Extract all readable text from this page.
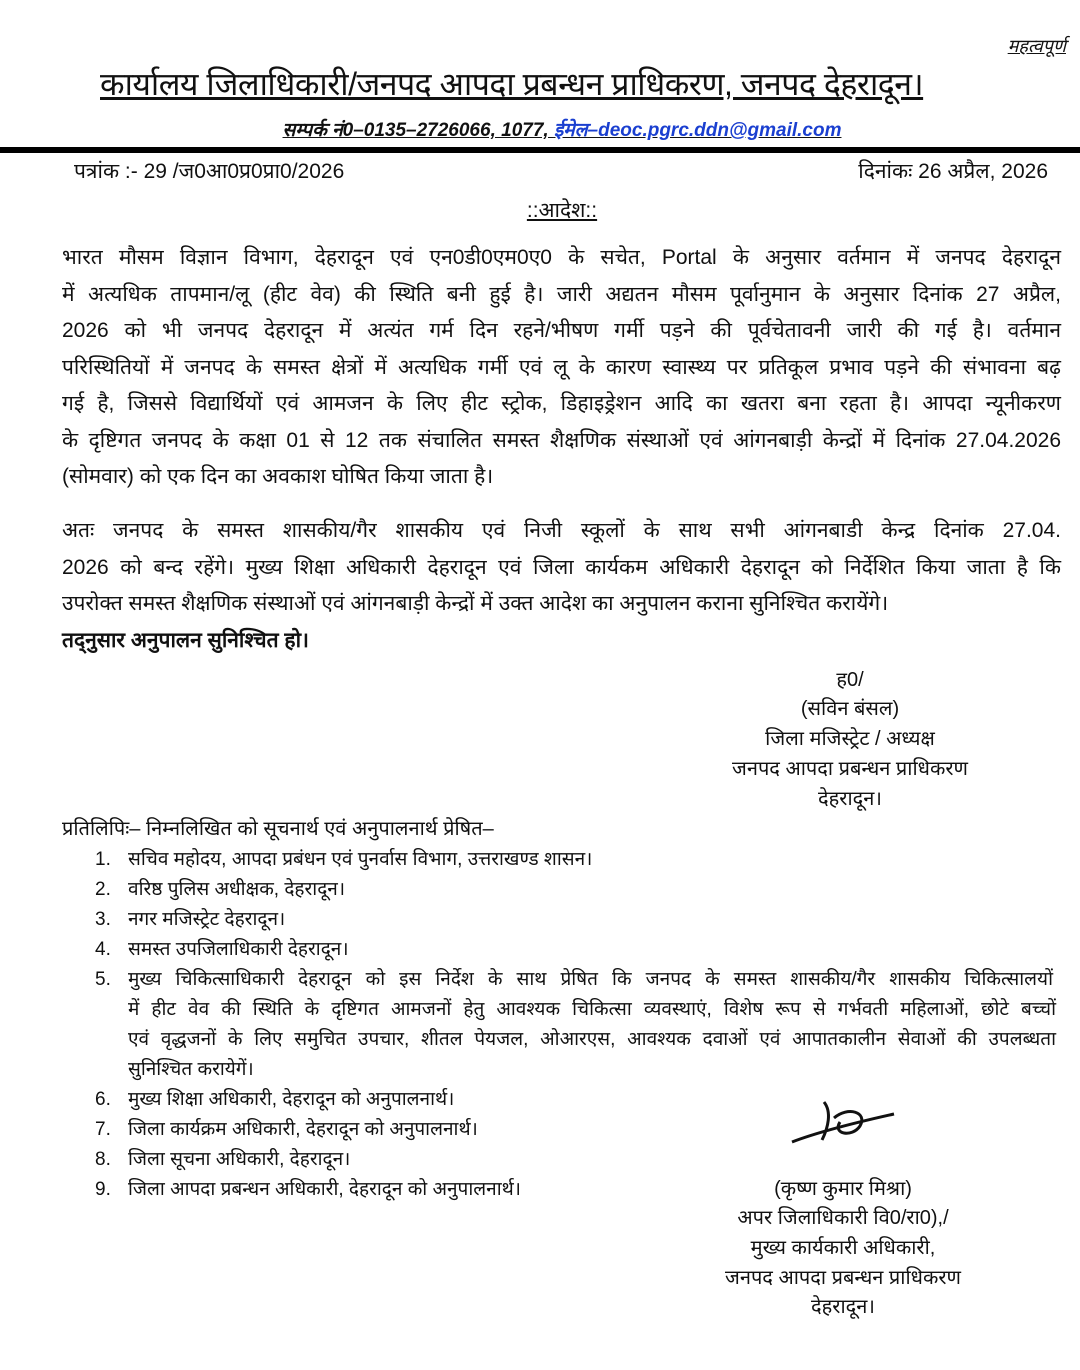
महत्वपूर्ण
कार्यालय जिलाधिकारी/जनपद आपदा प्रबन्धन प्राधिकरण, जनपद देहरादून।
सम्पर्क नं0–0135–2726066, 1077, ईमेल–deoc.pgrc.ddn@gmail.com
पत्रांक :- 29 /ज0आ0प्र0प्रा0/2026	दिनांकः 26 अप्रैल, 2026
::आदेश::
भारत मौसम विज्ञान विभाग, देहरादून एवं एन0डी0एम0ए0 के सचेत, Portal के अनुसार वर्तमान में जनपद देहरादून
में अत्यधिक तापमान/लू (हीट वेव) की स्थिति बनी हुई है। जारी अद्यतन मौसम पूर्वानुमान के अनुसार दिनांक 27 अप्रैल,
2026 को भी जनपद देहरादून में अत्यंत गर्म दिन रहने/भीषण गर्मी पड़ने की पूर्वचेतावनी जारी की गई है। वर्तमान
परिस्थितियों में जनपद के समस्त क्षेत्रों में अत्यधिक गर्मी एवं लू के कारण स्वास्थ्य पर प्रतिकूल प्रभाव पड़ने की संभावना बढ़
गई है, जिससे विद्यार्थियों एवं आमजन के लिए हीट स्ट्रोक, डिहाइड्रेशन आदि का खतरा बना रहता है। आपदा न्यूनीकरण
के दृष्टिगत जनपद के कक्षा 01 से 12 तक संचालित समस्त शैक्षणिक संस्थाओं एवं आंगनबाड़ी केन्द्रों में दिनांक 27.04.2026
(सोमवार) को एक दिन का अवकाश घोषित किया जाता है।
अतः जनपद के समस्त शासकीय/गैर शासकीय एवं निजी स्कूलों के साथ सभी आंगनबाडी केन्द्र दिनांक 27.04.
2026 को बन्द रहेंगे। मुख्य शिक्षा अधिकारी देहरादून एवं जिला कार्यकम अधिकारी देहरादून को निर्देशित किया जाता है कि
उपरोक्त समस्त शैक्षणिक संस्थाओं एवं आंगनबाड़ी केन्द्रों में उक्त आदेश का अनुपालन कराना सुनिश्चित करायेंगे।
तद्नुसार अनुपालन सुनिश्चित हो।
ह0/
(सविन बंसल)
जिला मजिस्ट्रेट / अध्यक्ष
जनपद आपदा प्रबन्धन प्राधिकरण
देहरादून।
प्रतिलिपिः– निम्नलिखित को सूचनार्थ एवं अनुपालनार्थ प्रेषित–
1. सचिव महोदय, आपदा प्रबंधन एवं पुनर्वास विभाग, उत्तराखण्ड शासन।
2. वरिष्ठ पुलिस अधीक्षक, देहरादून।
3. नगर मजिस्ट्रेट देहरादून।
4. समस्त उपजिलाधिकारी देहरादून।
5. मुख्य चिकित्साधिकारी देहरादून को इस निर्देश के साथ प्रेषित कि जनपद के समस्त शासकीय/गैर शासकीय चिकित्सालयों
में हीट वेव की स्थिति के दृष्टिगत आमजनों हेतु आवश्यक चिकित्सा व्यवस्थाएं, विशेष रूप से गर्भवती महिलाओं, छोटे बच्चों
एवं वृद्धजनों के लिए समुचित उपचार, शीतल पेयजल, ओआरएस, आवश्यक दवाओं एवं आपातकालीन सेवाओं की उपलब्धता
सुनिश्चित करायेगें।
6. मुख्य शिक्षा अधिकारी, देहरादून को अनुपालनार्थ।
7. जिला कार्यक्रम अधिकारी, देहरादून को अनुपालनार्थ।
8. जिला सूचना अधिकारी, देहरादून।
9. जिला आपदा प्रबन्धन अधिकारी, देहरादून को अनुपालनार्थ।	(कृष्ण कुमार मिश्रा)
अपर जिलाधिकारी वि0/रा0),/
मुख्य कार्यकारी अधिकारी,
जनपद आपदा प्रबन्धन प्राधिकरण
देहरादून।
